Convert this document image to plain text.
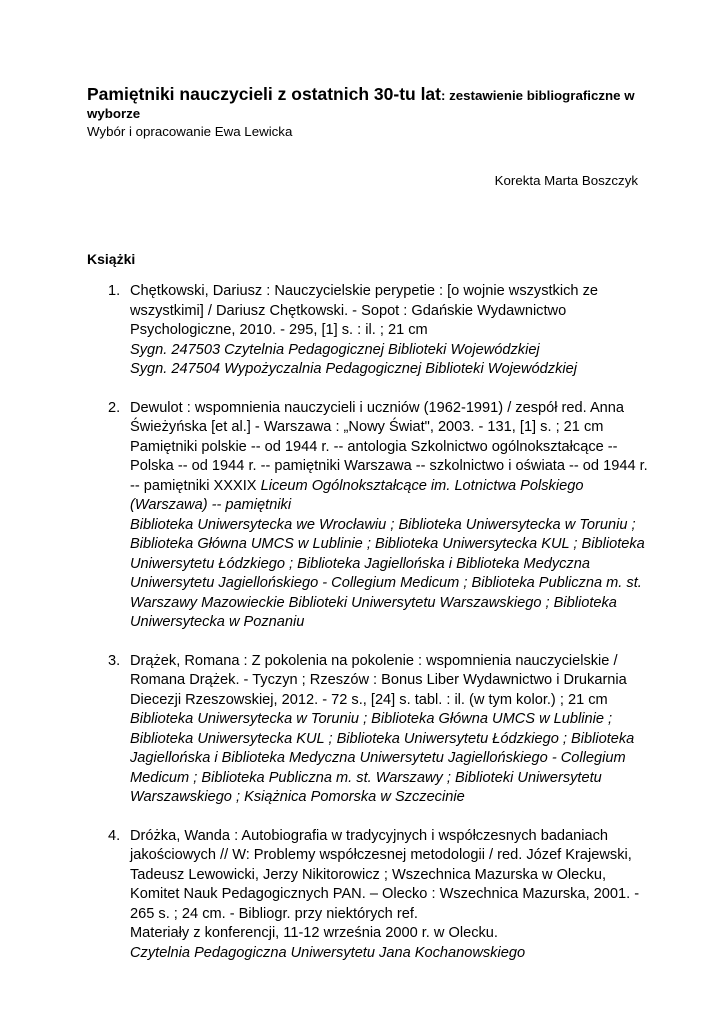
Pamiętniki nauczycieli z ostatnich 30-tu lat: zestawienie bibliograficzne w wyborze
Wybór i opracowanie Ewa Lewicka
Korekta Marta Boszczyk
Książki
1. Chętkowski, Dariusz : Nauczycielskie perypetie : [o wojnie wszystkich ze wszystkimi] / Dariusz Chętkowski. - Sopot : Gdańskie Wydawnictwo Psychologiczne, 2010. - 295, [1] s. : il. ; 21 cm

Sygn. 247503 Czytelnia Pedagogicznej Biblioteki Wojewódzkiej

Sygn. 247504 Wypożyczalnia Pedagogicznej Biblioteki Wojewódzkiej

2. Dewulot : wspomnienia nauczycieli i uczniów (1962-1991) / zespół red. Anna Świeżyńska [et al.] - Warszawa : „Nowy Świat", 2003. - 131, [1] s. ; 21 cm Pamiętniki polskie -- od 1944 r. -- antologia Szkolnictwo ogólnokształcące -- Polska -- od 1944 r. -- pamiętniki Warszawa -- szkolnictwo i oświata -- od 1944 r. -- pamiętniki XXXIX Liceum Ogólnokształcące im. Lotnictwa Polskiego (Warszawa) -- pamiętniki

Biblioteka Uniwersytecka we Wrocławiu ; Biblioteka Uniwersytecka w Toruniu ; Biblioteka Główna UMCS w Lublinie ; Biblioteka Uniwersytecka KUL ; Biblioteka Uniwersytetu Łódzkiego ; Biblioteka Jagiellońska i Biblioteka Medyczna Uniwersytetu Jagiellońskiego - Collegium Medicum ; Biblioteka Publiczna m. st. Warszawy Mazowieckie Biblioteki Uniwersytetu Warszawskiego ; Biblioteka Uniwersytecka w Poznaniu

3. Drążek, Romana : Z pokolenia na pokolenie : wspomnienia nauczycielskie / Romana Drążek. - Tyczyn ; Rzeszów : Bonus Liber Wydawnictwo i Drukarnia Diecezji Rzeszowskiej, 2012. - 72 s., [24] s. tabl. : il. (w tym kolor.) ; 21 cm

Biblioteka Uniwersytecka w Toruniu ; Biblioteka Główna UMCS w Lublinie ; Biblioteka Uniwersytecka KUL ; Biblioteka Uniwersytetu Łódzkiego ; Biblioteka Jagiellońska i Biblioteka Medyczna Uniwersytetu Jagiellońskiego - Collegium Medicum ; Biblioteka Publiczna m. st. Warszawy ; Biblioteki Uniwersytetu Warszawskiego ; Książnica Pomorska w Szczecinie

4. Dróżka, Wanda : Autobiografia w tradycyjnych i współczesnych badaniach jakościowych // W: Problemy współczesnej metodologii / red. Józef Krajewski, Tadeusz Lewowicki, Jerzy Nikitorowicz ; Wszechnica Mazurska w Olecku, Komitet Nauk Pedagogicznych PAN. – Olecko : Wszechnica Mazurska, 2001. - 265 s. ; 24 cm. - Bibliogr. przy niektórych ref.

Materiały z konferencji, 11-12 września 2000 r. w Olecku.

Czytelnia Pedagogiczna Uniwersytetu Jana Kochanowskiego
